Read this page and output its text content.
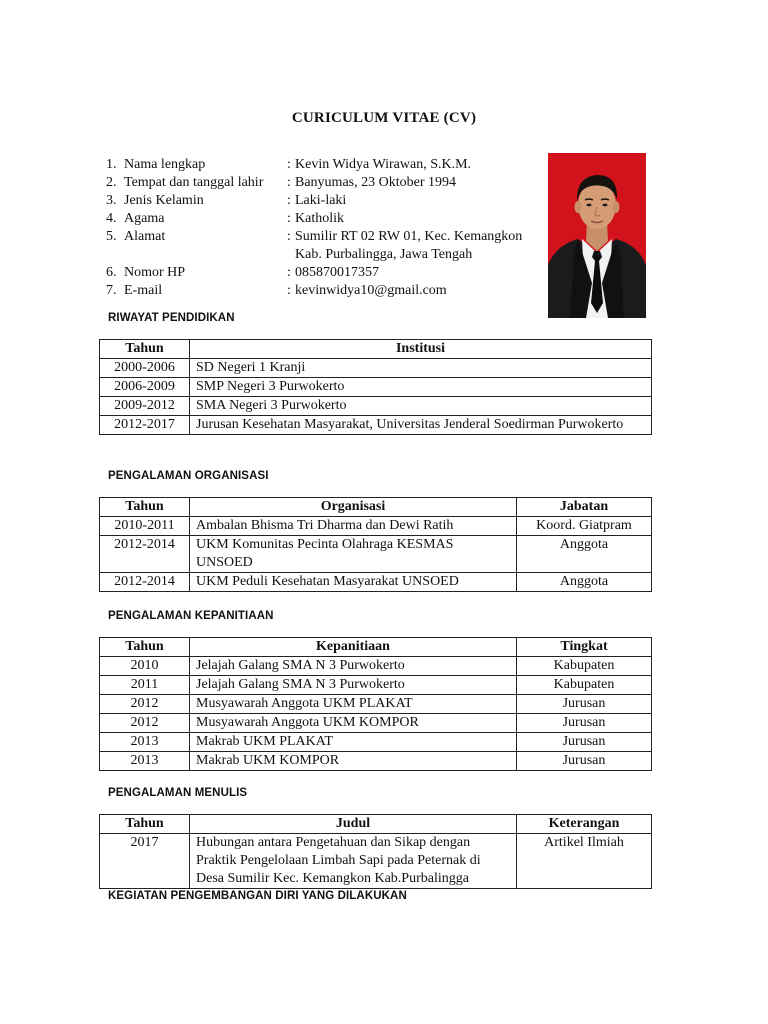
CURICULUM VITAE (CV)
1. Nama lengkap	: Kevin Widya Wirawan, S.K.M.
2. Tempat dan tanggal lahir	: Banyumas, 23 Oktober 1994
3. Jenis Kelamin	: Laki-laki
4. Agama	: Katholik
5. Alamat	: Sumilir RT 02 RW 01, Kec. Kemangkon
Kab. Purbalingga, Jawa Tengah
6. Nomor HP	: 085870017357
7. E-mail	: kevinwidya10@gmail.com
RIWAYAT PENDIDIKAN
Tahun	Institusi
2000-2006	SD Negeri 1 Kranji
2006-2009	SMP Negeri 3 Purwokerto
2009-2012	SMA Negeri 3 Purwokerto
2012-2017	Jurusan Kesehatan Masyarakat, Universitas Jenderal Soedirman Purwokerto
PENGALAMAN ORGANISASI
Tahun	Organisasi	Jabatan
2010-2011	Ambalan Bhisma Tri Dharma dan Dewi Ratih	Koord. Giatpram
2012-2014	UKM Komunitas Pecinta Olahraga KESMAS UNSOED	Anggota
2012-2014	UKM Peduli Kesehatan Masyarakat UNSOED	Anggota
PENGALAMAN KEPANITIAAN
Tahun	Kepanitiaan	Tingkat
2010	Jelajah Galang SMA N 3 Purwokerto	Kabupaten
2011	Jelajah Galang SMA N 3 Purwokerto	Kabupaten
2012	Musyawarah Anggota UKM PLAKAT	Jurusan
2012	Musyawarah Anggota UKM KOMPOR	Jurusan
2013	Makrab UKM PLAKAT	Jurusan
2013	Makrab UKM KOMPOR	Jurusan
PENGALAMAN MENULIS
Tahun	Judul	Keterangan
2017	Hubungan antara Pengetahuan dan Sikap dengan Praktik Pengelolaan Limbah Sapi pada Peternak di Desa Sumilir Kec. Kemangkon Kab.Purbalingga	Artikel Ilmiah
KEGIATAN PENGEMBANGAN DIRI YANG DILAKUKAN
